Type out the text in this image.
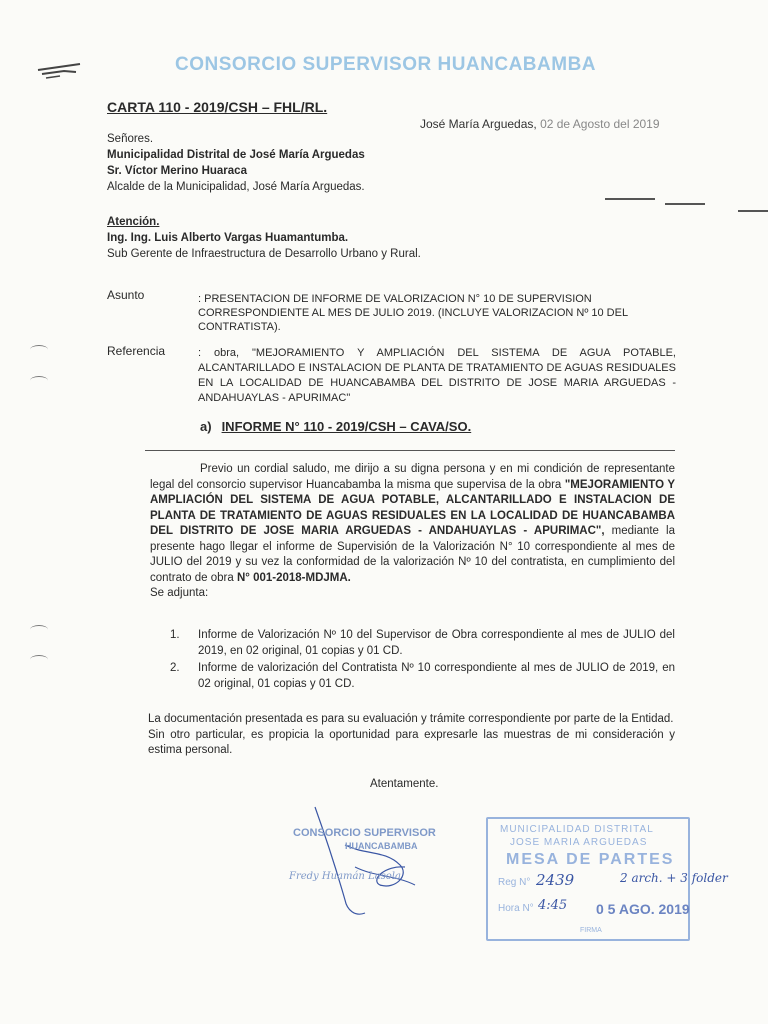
CONSORCIO SUPERVISOR HUANCABAMBA
CARTA 110 - 2019/CSH – FHL/RL.
José María Arguedas, 02 de Agosto del 2019
Señores.
Municipalidad Distrital de José María Arguedas
Sr. Víctor Merino Huaraca
Alcalde de la Municipalidad, José María Arguedas.
Atención.
Ing. Ing. Luis Alberto Vargas Huamantumba.
Sub Gerente de Infraestructura de Desarrollo Urbano y Rural.
Asunto	: PRESENTACION DE INFORME DE VALORIZACION N° 10 DE SUPERVISION CORRESPONDIENTE AL MES DE JULIO 2019. (INCLUYE VALORIZACION Nº 10 DEL CONTRATISTA).
Referencia	: obra, "MEJORAMIENTO Y AMPLIACIÓN DEL SISTEMA DE AGUA POTABLE, ALCANTARILLADO E INSTALACION DE PLANTA DE TRATAMIENTO DE AGUAS RESIDUALES EN LA LOCALIDAD DE HUANCABAMBA DEL DISTRITO DE JOSE MARIA ARGUEDAS - ANDAHUAYLAS - APURIMAC"
a) INFORME N° 110 - 2019/CSH – CAVA/SO.
Previo un cordial saludo, me dirijo a su digna persona y en mi condición de representante legal del consorcio supervisor Huancabamba la misma que supervisa de la obra "MEJORAMIENTO Y AMPLIACIÓN DEL SISTEMA DE AGUA POTABLE, ALCANTARILLADO E INSTALACION DE PLANTA DE TRATAMIENTO DE AGUAS RESIDUALES EN LA LOCALIDAD DE HUANCABAMBA DEL DISTRITO DE JOSE MARIA ARGUEDAS - ANDAHUAYLAS - APURIMAC", mediante la presente hago llegar el informe de Supervisión de la Valorización N° 10 correspondiente al mes de JULIO del 2019 y su vez la conformidad de la valorización Nº 10 del contratista, en cumplimiento del contrato de obra N° 001-2018-MDJMA.
Se adjunta:
1.	Informe de Valorización Nº 10 del Supervisor de Obra correspondiente al mes de JULIO del 2019, en 02 original, 01 copias y 01 CD.
2.	Informe de valorización del Contratista Nº 10 correspondiente al mes de JULIO de 2019, en 02 original, 01 copias y 01 CD.

La documentación presentada es para su evaluación y trámite correspondiente por parte de la Entidad.

Sin otro particular, es propicia la oportunidad para expresarle las muestras de mi consideración y estima personal.

Atentamente.
CONSORCIO SUPERVISOR
HUANCABAMBA
Fredy Huamán Lasola
MUNICIPALIDAD DISTRITAL
JOSE MARIA ARGUEDAS
MESA DE PARTES
Reg N° 2439	2 arch. + 3 folder
Hora N° 4:45 0 5 AGO. 2019
FIRMA
